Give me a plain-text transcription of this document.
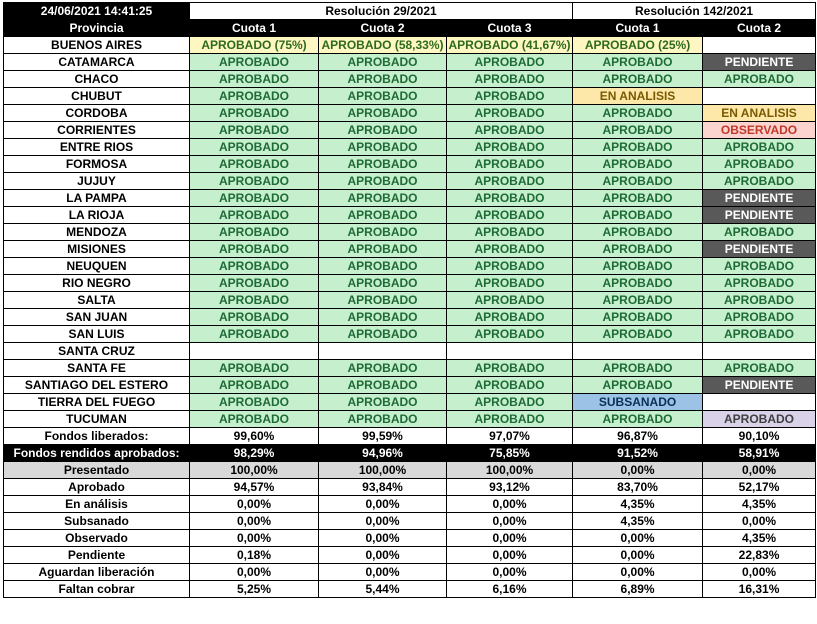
24/06/2021 14:41:25	Resolución 29/2021			Resolución 142/2021	
Provincia	Cuota 1	Cuota 2	Cuota 3	Cuota 1	Cuota 2
BUENOS AIRES	APROBADO (75%)	APROBADO (58,33%)	APROBADO (41,67%)	APROBADO (25%)	
CATAMARCA	APROBADO	APROBADO	APROBADO	APROBADO	PENDIENTE
CHACO	APROBADO	APROBADO	APROBADO	APROBADO	APROBADO
CHUBUT	APROBADO	APROBADO	APROBADO	EN ANALISIS	
CORDOBA	APROBADO	APROBADO	APROBADO	APROBADO	EN ANALISIS
CORRIENTES	APROBADO	APROBADO	APROBADO	APROBADO	OBSERVADO
ENTRE RIOS	APROBADO	APROBADO	APROBADO	APROBADO	APROBADO
FORMOSA	APROBADO	APROBADO	APROBADO	APROBADO	APROBADO
JUJUY	APROBADO	APROBADO	APROBADO	APROBADO	APROBADO
LA PAMPA	APROBADO	APROBADO	APROBADO	APROBADO	PENDIENTE
LA RIOJA	APROBADO	APROBADO	APROBADO	APROBADO	PENDIENTE
MENDOZA	APROBADO	APROBADO	APROBADO	APROBADO	APROBADO
MISIONES	APROBADO	APROBADO	APROBADO	APROBADO	PENDIENTE
NEUQUEN	APROBADO	APROBADO	APROBADO	APROBADO	APROBADO
RIO NEGRO	APROBADO	APROBADO	APROBADO	APROBADO	APROBADO
SALTA	APROBADO	APROBADO	APROBADO	APROBADO	APROBADO
SAN JUAN	APROBADO	APROBADO	APROBADO	APROBADO	APROBADO
SAN LUIS	APROBADO	APROBADO	APROBADO	APROBADO	APROBADO
SANTA CRUZ					
SANTA FE	APROBADO	APROBADO	APROBADO	APROBADO	APROBADO
SANTIAGO DEL ESTERO	APROBADO	APROBADO	APROBADO	APROBADO	PENDIENTE
TIERRA DEL FUEGO	APROBADO	APROBADO	APROBADO	SUBSANADO	
TUCUMAN	APROBADO	APROBADO	APROBADO	APROBADO	APROBADO
Fondos liberados:	99,60%	99,59%	97,07%	96,87%	90,10%
Fondos rendidos aprobados:	98,29%	94,96%	75,85%	91,52%	58,91%
Presentado	100,00%	100,00%	100,00%	0,00%	0,00%
Aprobado	94,57%	93,84%	93,12%	83,70%	52,17%
En análisis	0,00%	0,00%	0,00%	4,35%	4,35%
Subsanado	0,00%	0,00%	0,00%	4,35%	0,00%
Observado	0,00%	0,00%	0,00%	0,00%	4,35%
Pendiente	0,18%	0,00%	0,00%	0,00%	22,83%
Aguardan liberación	0,00%	0,00%	0,00%	0,00%	0,00%
Faltan cobrar	5,25%	5,44%	6,16%	6,89%	16,31%
